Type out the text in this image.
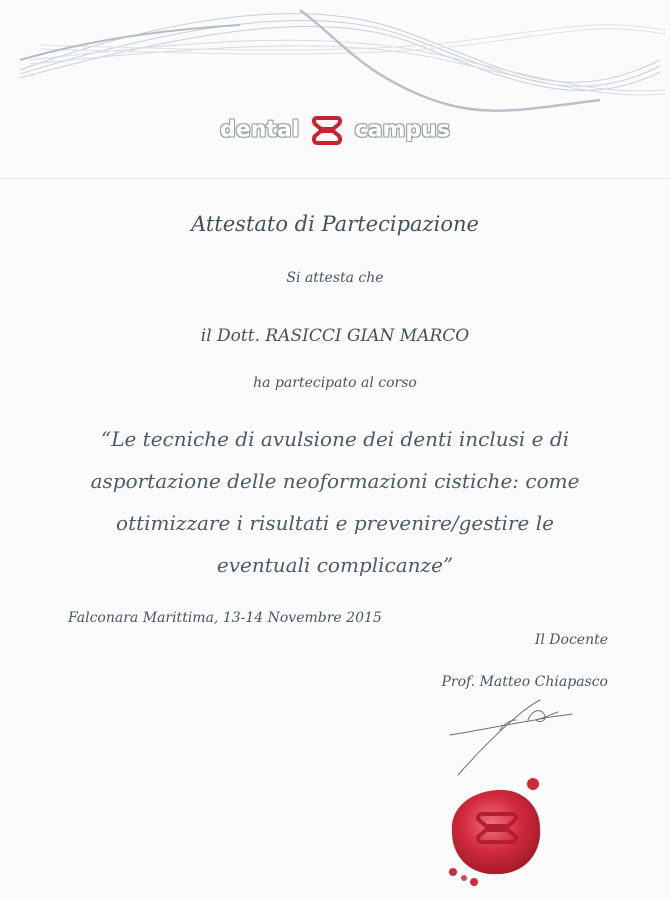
dental	campus
Attestato di Partecipazione
Si attesta che
il Dott. RASICCI GIAN MARCO
ha partecipato al corso
“Le tecniche di avulsione dei denti inclusi e di
asportazione delle neoformazioni cistiche: come
ottimizzare i risultati e prevenire/gestire le
eventuali complicanze”
Falconara Marittima, 13-14 Novembre 2015
Il Docente
Prof. Matteo Chiapasco
